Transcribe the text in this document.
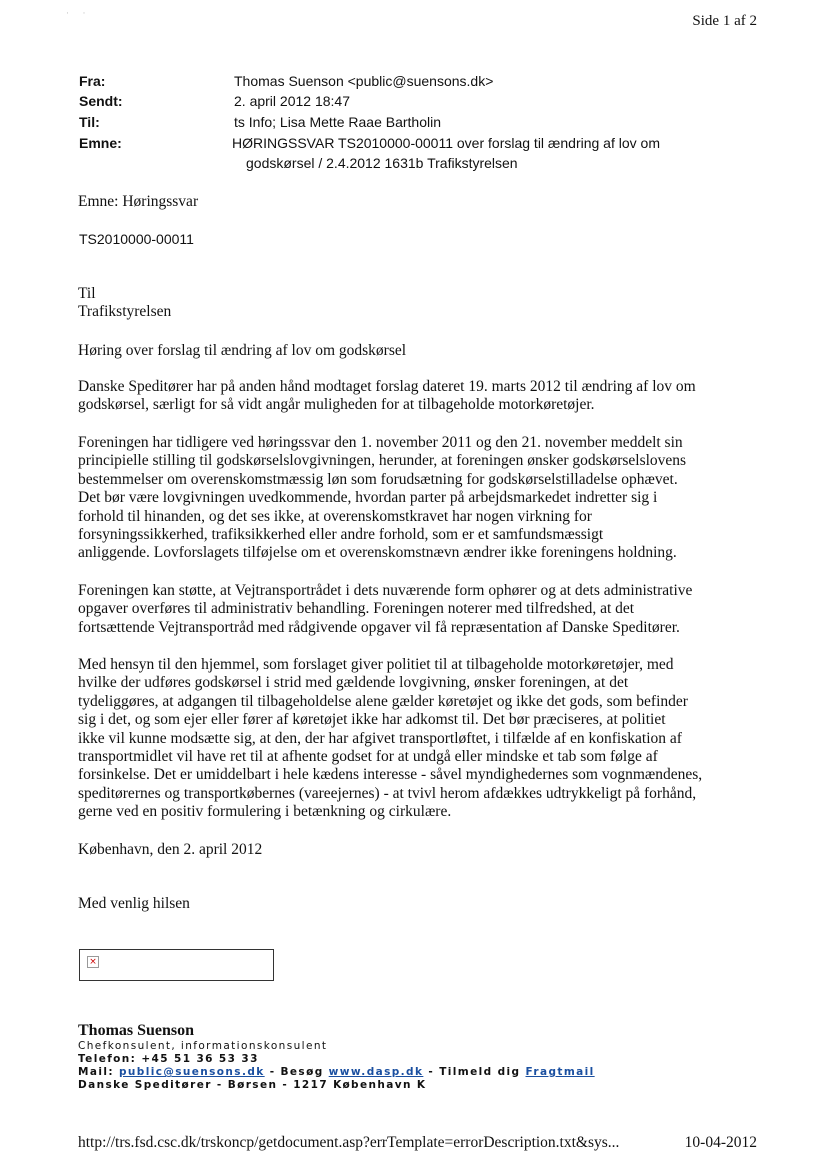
·      ·	Side 1 af 2
Fra:	Thomas Suenson <public@suensons.dk>
Sendt:	2. april 2012 18:47
Til:	ts Info; Lisa Mette Raae Bartholin
Emne:	HØRINGSSVAR TS2010000-00011 over forslag til ændring af lov om
godskørsel / 2.4.2012 1631b Trafikstyrelsen
Emne: Høringssvar
TS2010000-00011
Til
Trafikstyrelsen
Høring over forslag til ændring af lov om godskørsel

Danske Speditører har på anden hånd modtaget forslag dateret 19. marts 2012 til ændring af lov om

godskørsel, særligt for så vidt angår muligheden for at tilbageholde motorkøretøjer.

Foreningen har tidligere ved høringssvar den 1. november 2011 og den 21. november meddelt sin

principielle stilling til godskørselslovgivningen, herunder, at foreningen ønsker godskørselslovens

bestemmelser om overenskomstmæssig løn som forudsætning for godskørselstilladelse ophævet.

Det bør være lovgivningen uvedkommende, hvordan parter på arbejdsmarkedet indretter sig i

forhold til hinanden, og det ses ikke, at overenskomstkravet har nogen virkning for

forsyningssikkerhed, trafiksikkerhed eller andre forhold, som er et samfundsmæssigt

anliggende. Lovforslagets tilføjelse om et overenskomstnævn ændrer ikke foreningens holdning.

Foreningen kan støtte, at Vejtransportrådet i dets nuværende form ophører og at dets administrative

opgaver overføres til administrativ behandling. Foreningen noterer med tilfredshed, at det

fortsættende Vejtransportråd med rådgivende opgaver vil få repræsentation af Danske Speditører.

Med hensyn til den hjemmel, som forslaget giver politiet til at tilbageholde motorkøretøjer, med

hvilke der udføres godskørsel i strid med gældende lovgivning, ønsker foreningen, at det

tydeliggøres, at adgangen til tilbageholdelse alene gælder køretøjet og ikke det gods, som befinder

sig i det, og som ejer eller fører af køretøjet ikke har adkomst til. Det bør præciseres, at politiet

ikke vil kunne modsætte sig, at den, der har afgivet transportløftet, i tilfælde af en konfiskation af

transportmidlet vil have ret til at afhente godset for at undgå eller mindske et tab som følge af

forsinkelse. Det er umiddelbart i hele kædens interesse - såvel myndighedernes som vognmændenes,

speditørernes og transportkøbernes (vareejernes) - at tvivl herom afdækkes udtrykkeligt på forhånd,

gerne ved en positiv formulering i betænkning og cirkulære.

København, den 2. april 2012
Med venlig hilsen
×
Thomas Suenson
Chefkonsulent, informationskonsulent
Telefon: +45 51 36 53 33
Mail: public@suensons.dk - Besøg www.dasp.dk - Tilmeld dig Fragtmail
Danske Speditører - Børsen - 1217 København K
http://trs.fsd.csc.dk/trskoncp/getdocument.asp?errTemplate=errorDescription.txt&sys...	10-04-2012
